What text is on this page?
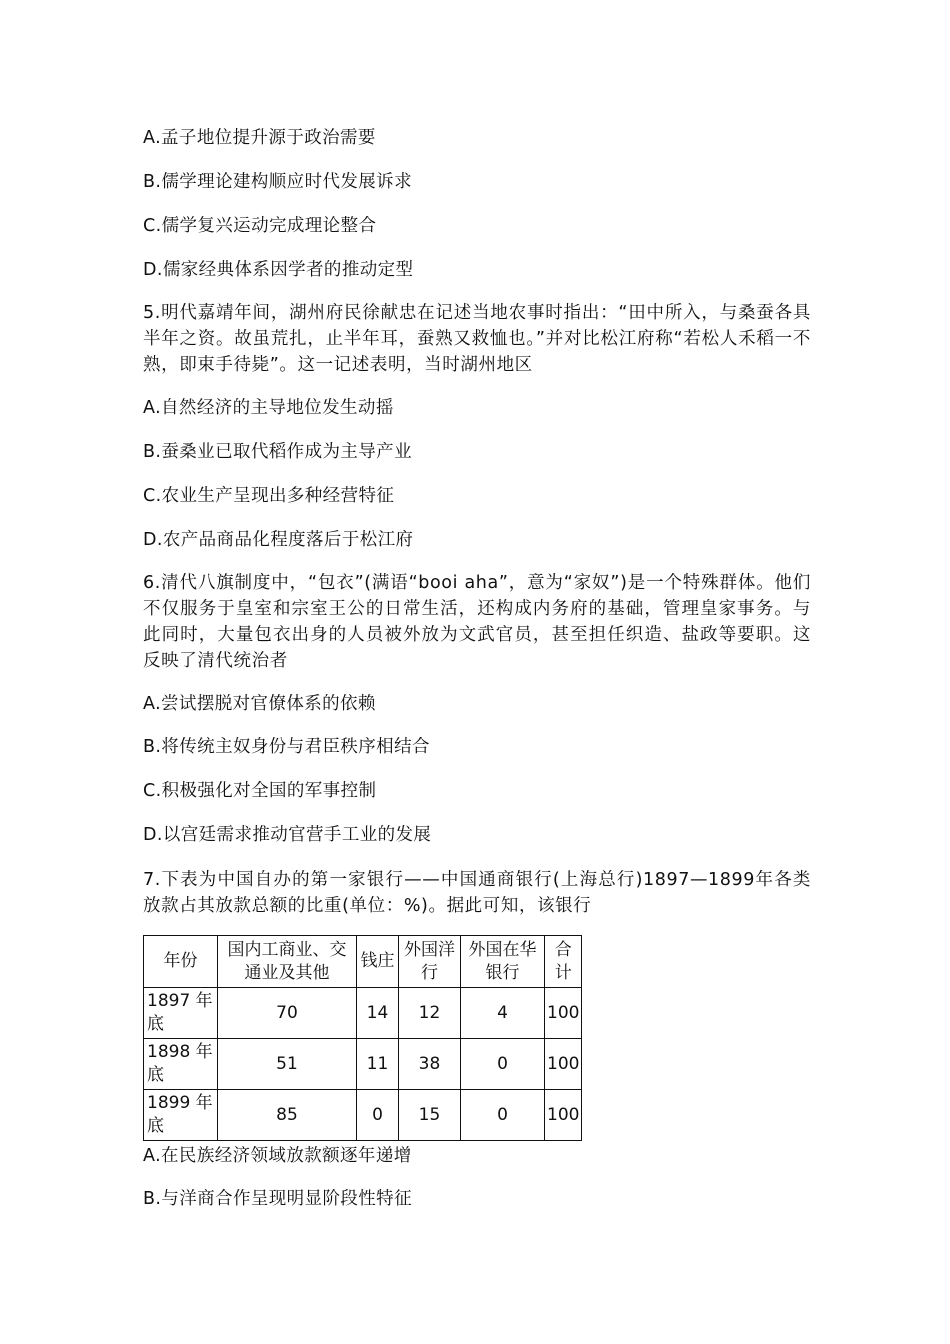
A.孟子地位提升源于政治需要
B.儒学理论建构顺应时代发展诉求
C.儒学复兴运动完成理论整合
D.儒家经典体系因学者的推动定型
5.明代嘉靖年间，湖州府民徐献忠在记述当地农事时指出：“田中所入，与桑蚕各具半年之资。故虽荒扎，止半年耳，蚕熟又救恤也。”并对比松江府称“若松人禾稻一不熟，即束手待毙”。这一记述表明，当时湖州地区
A.自然经济的主导地位发生动摇
B.蚕桑业已取代稻作成为主导产业
C.农业生产呈现出多种经营特征
D.农产品商品化程度落后于松江府
6.清代八旗制度中，“包衣”(满语“booi aha”，意为“家奴”)是一个特殊群体。他们不仅服务于皇室和宗室王公的日常生活，还构成内务府的基础，管理皇家事务。与此同时，大量包衣出身的人员被外放为文武官员，甚至担任织造、盐政等要职。这反映了清代统治者
A.尝试摆脱对官僚体系的依赖
B.将传统主奴身份与君臣秩序相结合
C.积极强化对全国的军事控制
D.以宫廷需求推动官营手工业的发展
7.下表为中国自办的第一家银行——中国通商银行(上海总行)1897—1899年各类放款占其放款总额的比重(单位：%)。据此可知，该银行
年份	国内工商业、交通业及其他	钱庄	外国洋行	外国在华银行	合计
1897 年底	70	14	12	4	100
1898 年底	51	11	38	0	100
1899 年底	85	0	15	0	100
A.在民族经济领域放款额逐年递增
B.与洋商合作呈现明显阶段性特征
